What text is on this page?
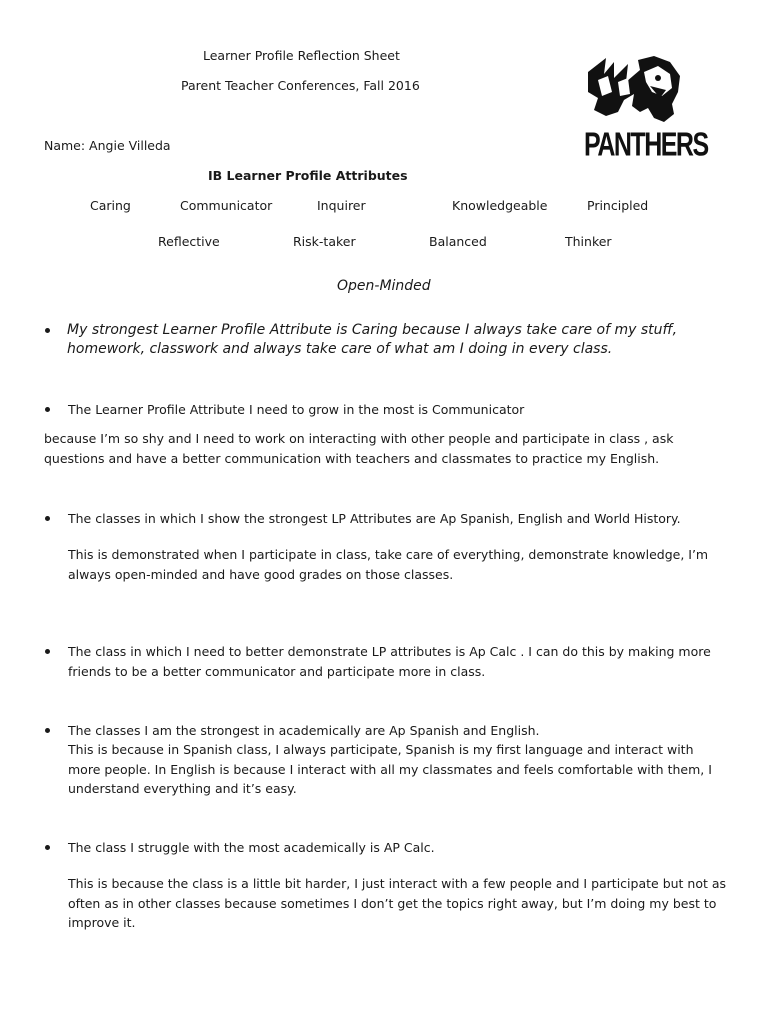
Learner Profile Reflection Sheet
Parent Teacher Conferences, Fall 2016
Name: Angie Villeda	PANTHERS
IB Learner Profile Attributes
Caring	Communicator	Inquirer	Knowledgeable	Principled
Reflective	Risk-taker	Balanced	Thinker
Open-Minded
My strongest Learner Profile Attribute is Caring because I always take care of my stuff, homework, classwork and always take care of what am I doing in every class.
The Learner Profile Attribute I need to grow in the most is Communicator
because I’m so shy and I need to work on interacting with other people and participate in class , ask questions and have a better communication with teachers and classmates to practice my English.
The classes in which I show the strongest LP Attributes are Ap Spanish, English and World History.
This is demonstrated when I participate in class, take care of everything, demonstrate knowledge, I’m always open-minded and have good grades on those classes.
The class in which I need to better demonstrate LP attributes is Ap Calc . I can do this by making more friends to be a better communicator and participate more in class.
The classes I am the strongest in academically are Ap Spanish and English.
This is because in Spanish class, I always participate, Spanish is my first language and interact with more people. In English is because I interact with all my classmates and feels comfortable with them, I understand everything and it’s easy.
The class I struggle with the most academically is AP Calc.
This is because the class is a little bit harder, I just interact with a few people and I participate but not as often as in other classes because sometimes I don’t get the topics right away, but I’m doing my best to improve it.
